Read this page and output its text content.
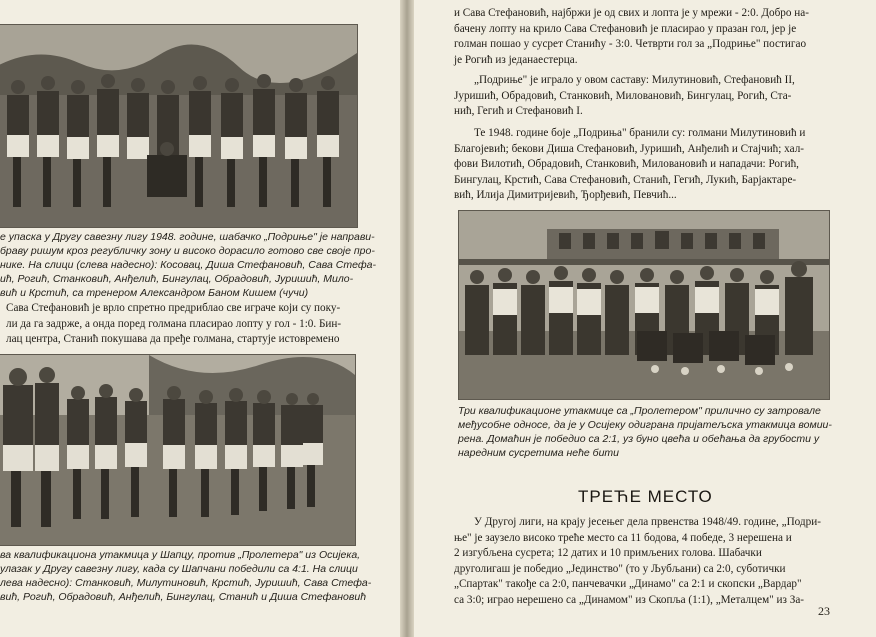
е упаска у Другу савезну лигу 1948. године, шабачко „Подриње" је направи-

браву ришум кроз регубличку зону и високо дорасило готово све своје про-

нике. На слици (слева надесно): Косовац, Диша Стефановић, Сава Стефа-

ић, Рогић, Станковић, Анђелић, Бингулац, Обрадовић, Јуришић, Мило-

вић и Крстић, са тренером Александром Баном Кишем (чучи)

Сава Стефановић је врло спретно предриблао све играче који су поку-

ли да га задрже, а онда поред голмана пласирао лопту у гол - 1:0. Бин-

лац центра, Станић покушава да пређе голмана, стартује истовремено

ва квалификациона утакмица у Шапцу, против „Пролетера" из Осијека,

улазак у Другу савезну лигу, када су Шапчани победили са 4:1. На слици

лева надесно): Станковић, Милутиновић, Крстић, Јуришић, Сава Стефа-

вић, Рогић, Обрадовић, Анђелић, Бингулац, Станић и Диша Стефановић

и Сава Стефановић, најбржи је од свих и лопта је у мрежи - 2:0. Добро на-

бачену лопту на крило Сава Стефановић је пласирао у празан гол, јер је

голман пошао у сусрет Станићу - 3:0. Четврти гол за „Подриње" постигао

је Рогић из једанаестерца.

„Подриње" је играло у овом саставу: Милутиновић, Стефановић II,

Јуришић, Обрадовић, Станковић, Миловановић, Бингулац, Рогић, Ста-

нић, Гегић и Стефановић I.

Те 1948. године боје „Подриња" бранили су: голмани Милутиновић и

Благојевић; бекови Диша Стефановић, Јуришић, Анђелић и Стајчић; хал-

фови Вилотић, Обрадовић, Станковић, Миловановић и нападачи: Рогић,

Бингулац, Крстић, Сава Стефановић, Станић, Гегић, Лукић, Барјактаре-

вић, Илија Димитријевић, Ђорђевић, Певчић...

Три квалификационе утакмице са „Пролетером" прилично су затровале

међусобне односе, да је у Осијеку одиграна пријатељска утакмица вомии-

рена. Домаћин је победио са 2:1, уз буно цвећа и обећања да грубости у

наредним сусретима неће бити

ТРЕЋЕ МЕСТО

У Другој лиги, на крају јесењег дела првенства 1948/49. године, „Подри-

ње" је заузело високо треће место са 11 бодова, 4 победе, 3 нерешена и

2 изгубљена сусрета; 12 датих и 10 примљених голова. Шабачки

друголигаш је победио „Јединство" (то у Љубљани) са 2:0, суботички

„Спартак" такође са 2:0, панчевачки „Динамо" са 2:1 и скопски „Вардар"

са 3:0; играо нерешено са „Динамом" из Скопља (1:1), „Металцем" из За-

23
